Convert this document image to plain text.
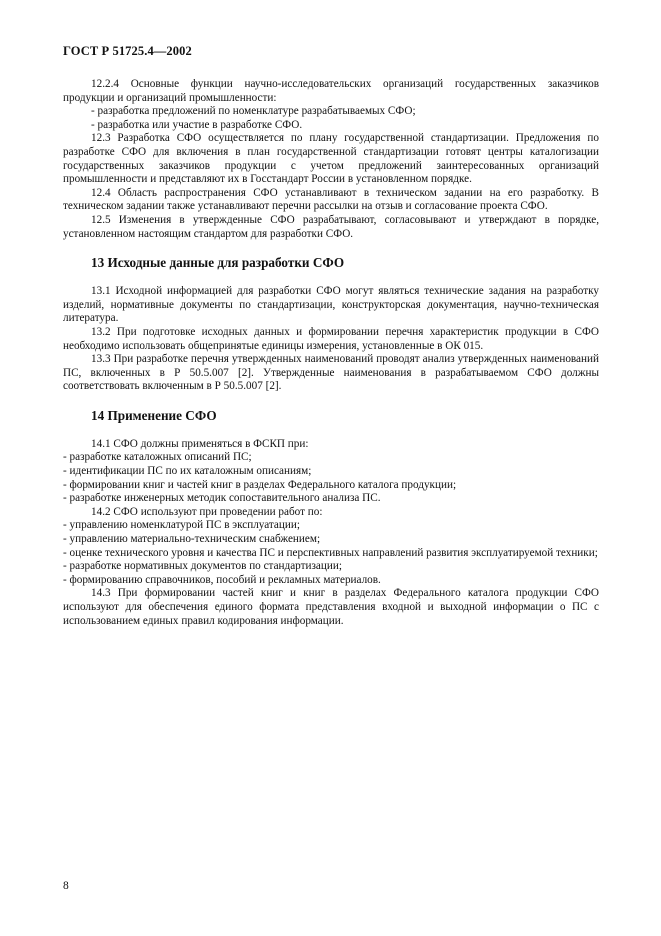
ГОСТ Р 51725.4—2002

12.2.4 Основные функции научно-исследовательских организаций государственных заказчиков продукции и организаций промышленности:

- разработка предложений по номенклатуре разрабатываемых СФО;

- разработка или участие в разработке СФО.

12.3 Разработка СФО осуществляется по плану государственной стандартизации. Предложения по разработке СФО для включения в план государственной стандартизации готовят центры каталогизации государственных заказчиков продукции с учетом предложений заинтересованных организаций промышленности и представляют их в Госстандарт России в установленном порядке.

12.4 Область распространения СФО устанавливают в техническом задании на его разработку. В техническом задании также устанавливают перечни рассылки на отзыв и согласование проекта СФО.

12.5 Изменения в утвержденные СФО разрабатывают, согласовывают и утверждают в порядке, установленном настоящим стандартом для разработки СФО.

13 Исходные данные для разработки СФО

13.1 Исходной информацией для разработки СФО могут являться технические задания на разработку изделий, нормативные документы по стандартизации, конструкторская документация, научно-техническая литература.

13.2 При подготовке исходных данных и формировании перечня характеристик продукции в СФО необходимо использовать общепринятые единицы измерения, установленные в ОК 015.

13.3 При разработке перечня утвержденных наименований проводят анализ утвержденных наименований ПС, включенных в Р 50.5.007 [2]. Утвержденные наименования в разрабатываемом СФО должны соответствовать включенным в Р 50.5.007 [2].

14 Применение СФО

14.1 СФО должны применяться в ФСКП при:

- разработке каталожных описаний ПС;

- идентификации ПС по их каталожным описаниям;

- формировании книг и частей книг в разделах Федерального каталога продукции;

- разработке инженерных методик сопоставительного анализа ПС.

14.2 СФО используют при проведении работ по:

- управлению номенклатурой ПС в эксплуатации;

- управлению материально-техническим снабжением;

- оценке технического уровня и качества ПС и перспективных направлений развития эксплуатируемой техники;

- разработке нормативных документов по стандартизации;

- формированию справочников, пособий и рекламных материалов.

14.3 При формировании частей книг и книг в разделах Федерального каталога продукции СФО используют для обеспечения единого формата представления входной и выходной информации о ПС с использованием единых правил кодирования информации.

8
